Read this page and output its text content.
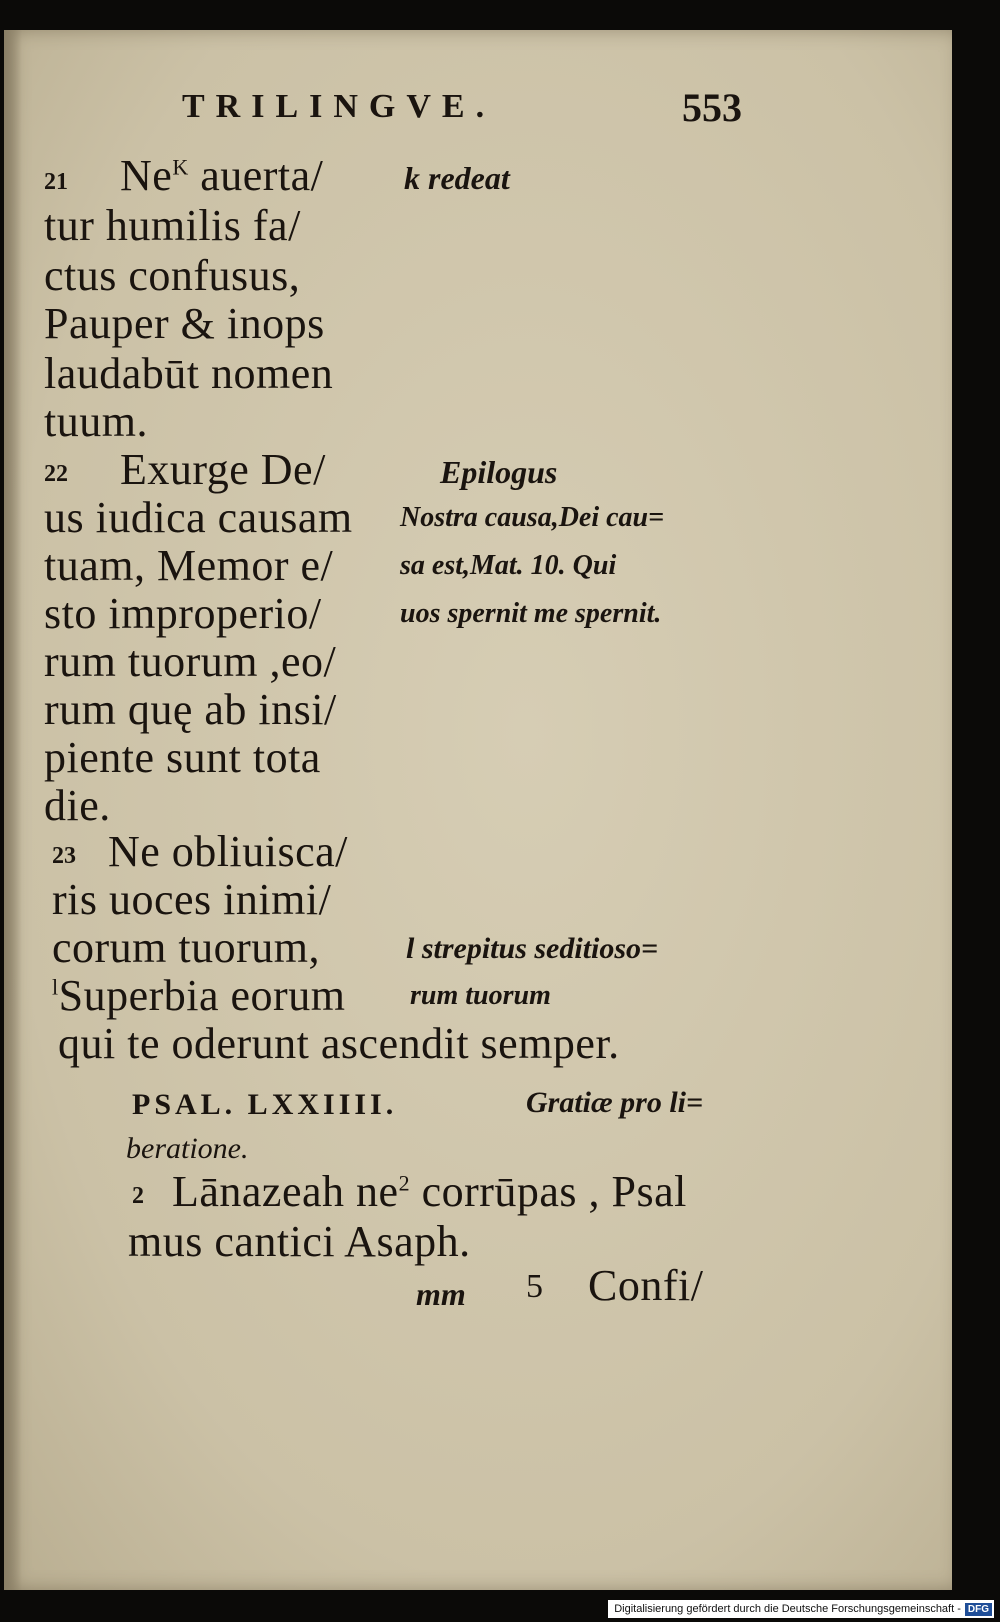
TRILINGVE.	553
21 $Ne^K$ auerta/
tur humilis fa/
ctus confusus,
Pauper & inops
laudabūt nomen
tuum.
22 Exurge De/
us iudica causam
tuam, Memor e/
sto improperio/
rum tuorum ,eo/
rum quę ab insi/
piente sunt tota
die.
23 Ne obliuisca/
ris uoces inimi/
corum tuorum,
$^l$Superbia eorum
qui te oderunt ascendit semper.
k redeat
Epilogus
Nostra causa,Dei cau=
sa est,Mat. 10. Qui
uos spernit me spernit.
l strepitus seditioso=
rum tuorum
PSAL. LXXIIII.	Gratiæ pro li=
beratione.
2 Lānazeah $ne^2$ corrūpas , Psal
mus cantici Asaph.
mm 5 Confi/
Digitalisierung gefördert durch die Deutsche Forschungsgemeinschaft - DFG
